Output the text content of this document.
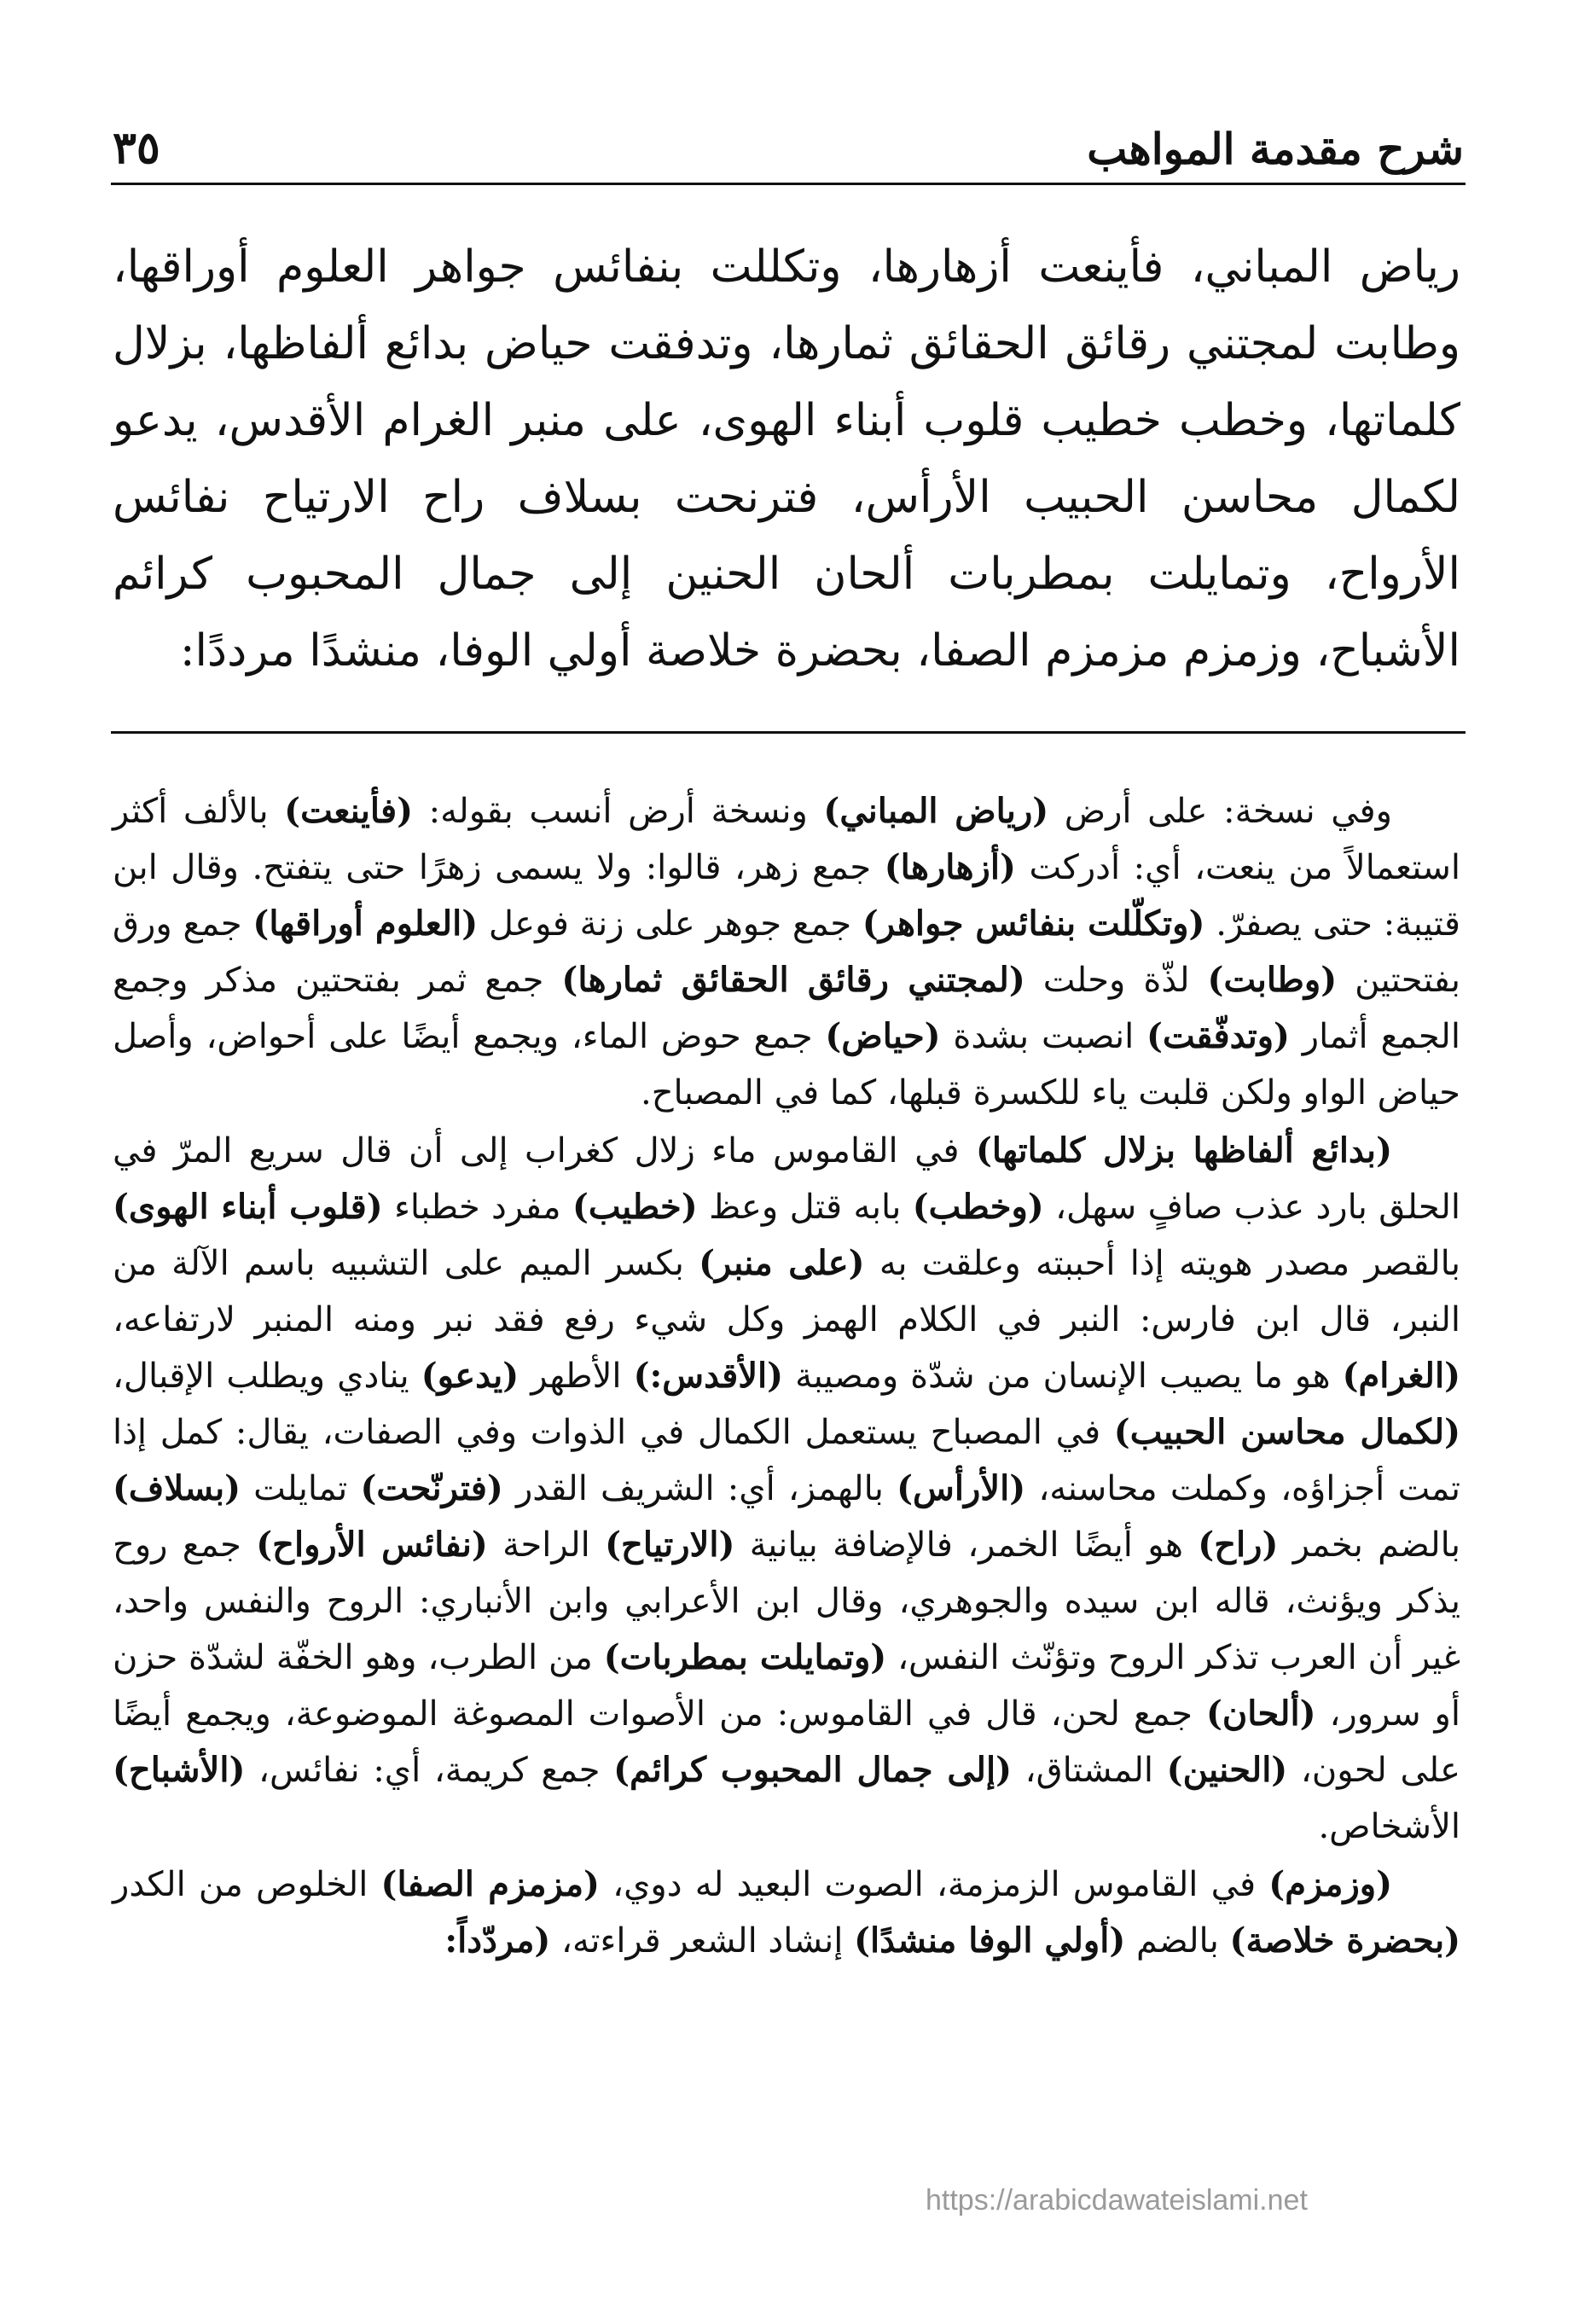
شرح مقدمة المواهب
٣٥

رياض المباني، فأينعت أزهارها، وتكللت بنفائس جواهر العلوم أوراقها، وطابت لمجتني رقائق الحقائق ثمارها، وتدفقت حياض بدائع ألفاظها، بزلال كلماتها، وخطب خطيب قلوب أبناء الهوى، على منبر الغرام الأقدس، يدعو لكمال محاسن الحبيب الأرأس، فترنحت بسلاف راح الارتياح نفائس الأرواح، وتمايلت بمطربات ألحان الحنين إلى جمال المحبوب كرائم الأشباح، وزمزم مزمزم الصفا، بحضرة خلاصة أولي الوفا، منشدًا مرددًا:

وفي نسخة: على أرض (رياض المباني) ونسخة أرض أنسب بقوله: (فأينعت) بالألف أكثر استعمالاً من ينعت، أي: أدركت (أزهارها) جمع زهر، قالوا: ولا يسمى زهرًا حتى يتفتح. وقال ابن قتيبة: حتى يصفرّ. (وتكلّلت بنفائس جواهر) جمع جوهر على زنة فوعل (العلوم أوراقها) جمع ورق بفتحتين (وطابت) لذّة وحلت (لمجتني رقائق الحقائق ثمارها) جمع ثمر بفتحتين مذكر وجمع الجمع أثمار (وتدفّقت) انصبت بشدة (حياض) جمع حوض الماء، ويجمع أيضًا على أحواض، وأصل حياض الواو ولكن قلبت ياء للكسرة قبلها، كما في المصباح.

(بدائع ألفاظها بزلال كلماتها) في القاموس ماء زلال كغراب إلى أن قال سريع المرّ في الحلق بارد عذب صافٍ سهل، (وخطب) بابه قتل وعظ (خطيب) مفرد خطباء (قلوب أبناء الهوى) بالقصر مصدر هويته إذا أحببته وعلقت به (على منبر) بكسر الميم على التشبيه باسم الآلة من النبر، قال ابن فارس: النبر في الكلام الهمز وكل شيء رفع فقد نبر ومنه المنبر لارتفاعه، (الغرام) هو ما يصيب الإنسان من شدّة ومصيبة (الأقدس:) الأطهر (يدعو) ينادي ويطلب الإقبال، (لكمال محاسن الحبيب) في المصباح يستعمل الكمال في الذوات وفي الصفات، يقال: كمل إذا تمت أجزاؤه، وكملت محاسنه، (الأرأس) بالهمز، أي: الشريف القدر (فترنّحت) تمايلت (بسلاف) بالضم بخمر (راح) هو أيضًا الخمر، فالإضافة بيانية (الارتياح) الراحة (نفائس الأرواح) جمع روح يذكر ويؤنث، قاله ابن سيده والجوهري، وقال ابن الأعرابي وابن الأنباري: الروح والنفس واحد، غير أن العرب تذكر الروح وتؤنّث النفس، (وتمايلت بمطربات) من الطرب، وهو الخفّة لشدّة حزن أو سرور، (ألحان) جمع لحن، قال في القاموس: من الأصوات المصوغة الموضوعة، ويجمع أيضًا على لحون، (الحنين) المشتاق، (إلى جمال المحبوب كرائم) جمع كريمة، أي: نفائس، (الأشباح) الأشخاص.

(وزمزم) في القاموس الزمزمة، الصوت البعيد له دوي، (مزمزم الصفا) الخلوص من الكدر (بحضرة خلاصة) بالضم (أولي الوفا منشدًا) إنشاد الشعر قراءته، (مردّداً:

https://arabicdawateislami.net
